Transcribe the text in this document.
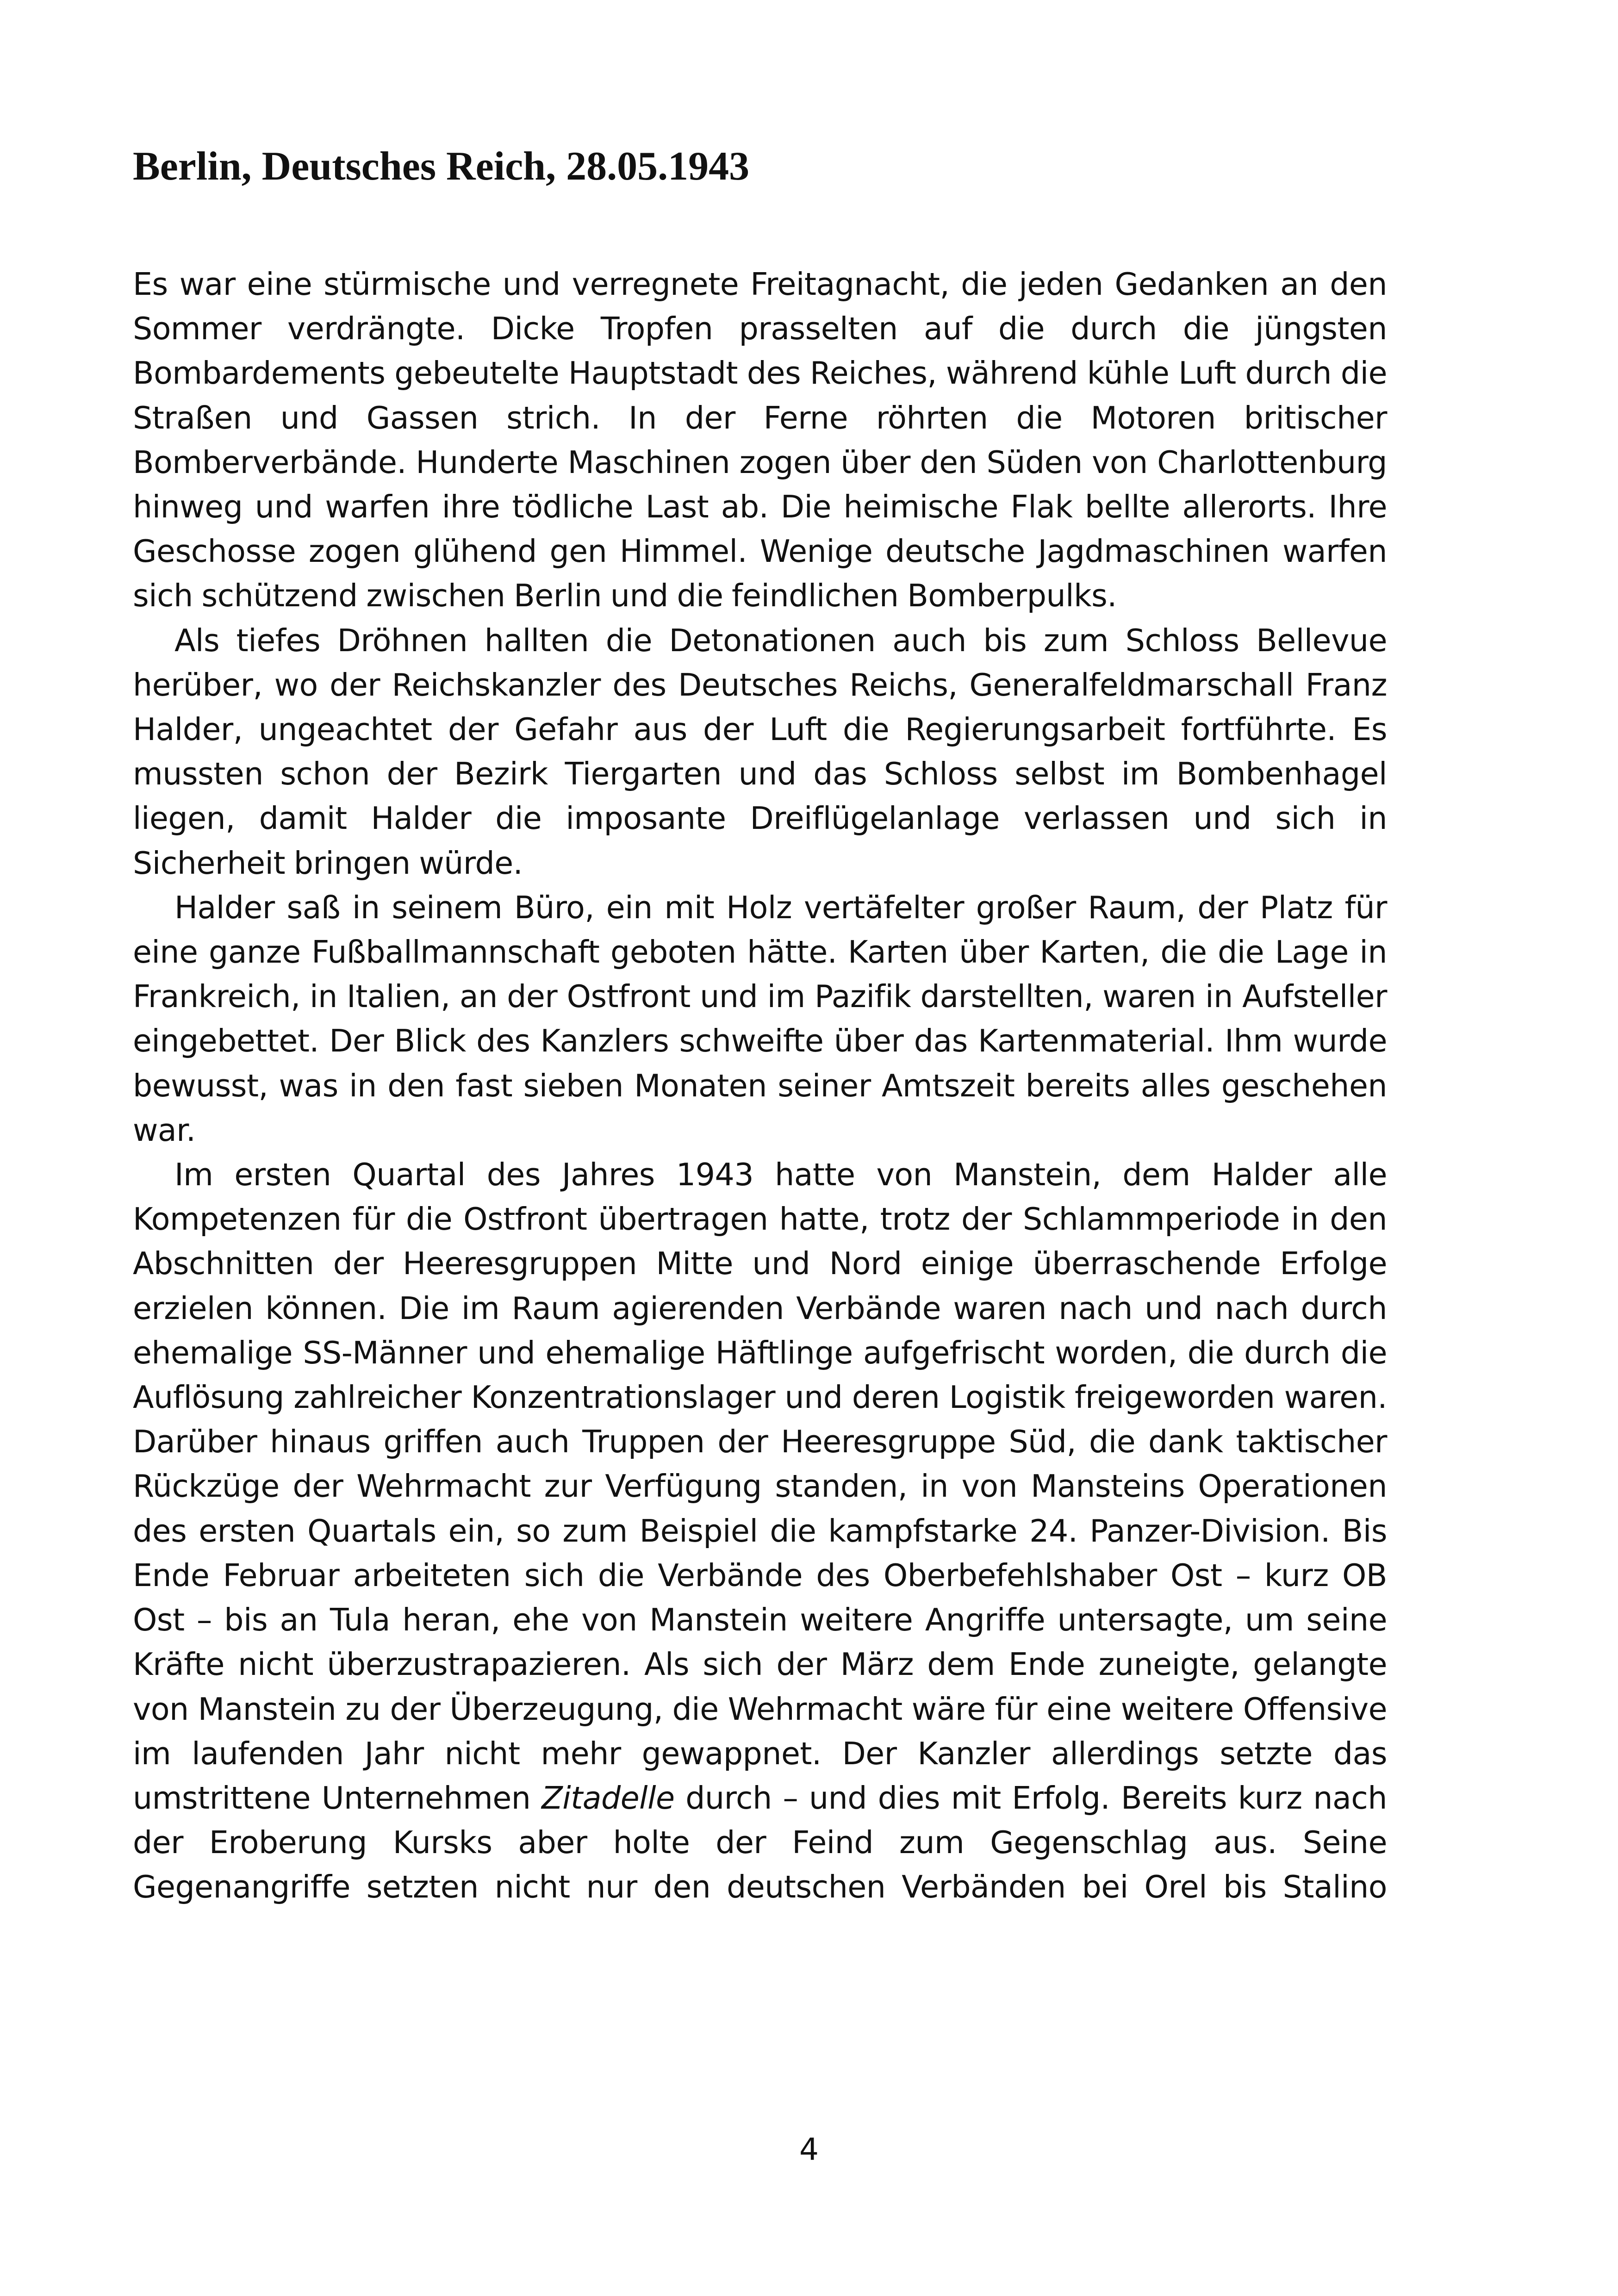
Berlin, Deutsches Reich, 28.05.1943

Es war eine stürmische und verregnete Freitagnacht, die jeden Gedanken an den Sommer verdrängte. Dicke Tropfen prasselten auf die durch die jüngsten Bombardements gebeutelte Hauptstadt des Reiches, während kühle Luft durch die Straßen und Gassen strich. In der Ferne röhrten die Motoren britischer Bomberverbände. Hunderte Maschinen zogen über den Süden von Charlottenburg hinweg und warfen ihre tödliche Last ab. Die heimische Flak bellte allerorts. Ihre Geschosse zogen glühend gen Himmel. Wenige deutsche Jagdmaschinen warfen sich schützend zwischen Berlin und die feindlichen Bomberpulks.

Als tiefes Dröhnen hallten die Detonationen auch bis zum Schloss Bellevue herüber, wo der Reichskanzler des Deutsches Reichs, Generalfeldmarschall Franz Halder, ungeachtet der Gefahr aus der Luft die Regierungsarbeit fortführte. Es mussten schon der Bezirk Tiergarten und das Schloss selbst im Bombenhagel liegen, damit Halder die imposante Dreiflügelanlage verlassen und sich in Sicherheit bringen würde.

Halder saß in seinem Büro, ein mit Holz vertäfelter großer Raum, der Platz für eine ganze Fußballmannschaft geboten hätte. Karten über Karten, die die Lage in Frankreich, in Italien, an der Ostfront und im Pazifik darstellten, waren in Aufsteller eingebettet. Der Blick des Kanzlers schweifte über das Kartenmaterial. Ihm wurde bewusst, was in den fast sieben Monaten seiner Amtszeit bereits alles geschehen war.

Im ersten Quartal des Jahres 1943 hatte von Manstein, dem Halder alle Kompetenzen für die Ostfront übertragen hatte, trotz der Schlammperiode in den Abschnitten der Heeresgruppen Mitte und Nord einige überraschende Erfolge erzielen können. Die im Raum agierenden Verbände waren nach und nach durch ehemalige SS-Männer und ehemalige Häftlinge aufgefrischt worden, die durch die Auflösung zahlreicher Konzentrationslager und deren Logistik freigeworden waren. Darüber hinaus griffen auch Truppen der Heeresgruppe Süd, die dank taktischer Rückzüge der Wehrmacht zur Verfügung standen, in von Mansteins Operationen des ersten Quartals ein, so zum Beispiel die kampfstarke 24. Panzer-Division. Bis Ende Februar arbeiteten sich die Verbände des Oberbefehlshaber Ost – kurz OB Ost – bis an Tula heran, ehe von Manstein weitere Angriffe untersagte, um seine Kräfte nicht überzustrapazieren. Als sich der März dem Ende zuneigte, gelangte von Manstein zu der Überzeugung, die Wehrmacht wäre für eine weitere Offensive im laufenden Jahr nicht mehr gewappnet. Der Kanzler allerdings setzte das umstrittene Unternehmen Zitadelle durch – und dies mit Erfolg. Bereits kurz nach der Eroberung Kursks aber holte der Feind zum Gegenschlag aus. Seine Gegenangriffe setzten nicht nur den deutschen Verbänden bei Orel bis Stalino

4
